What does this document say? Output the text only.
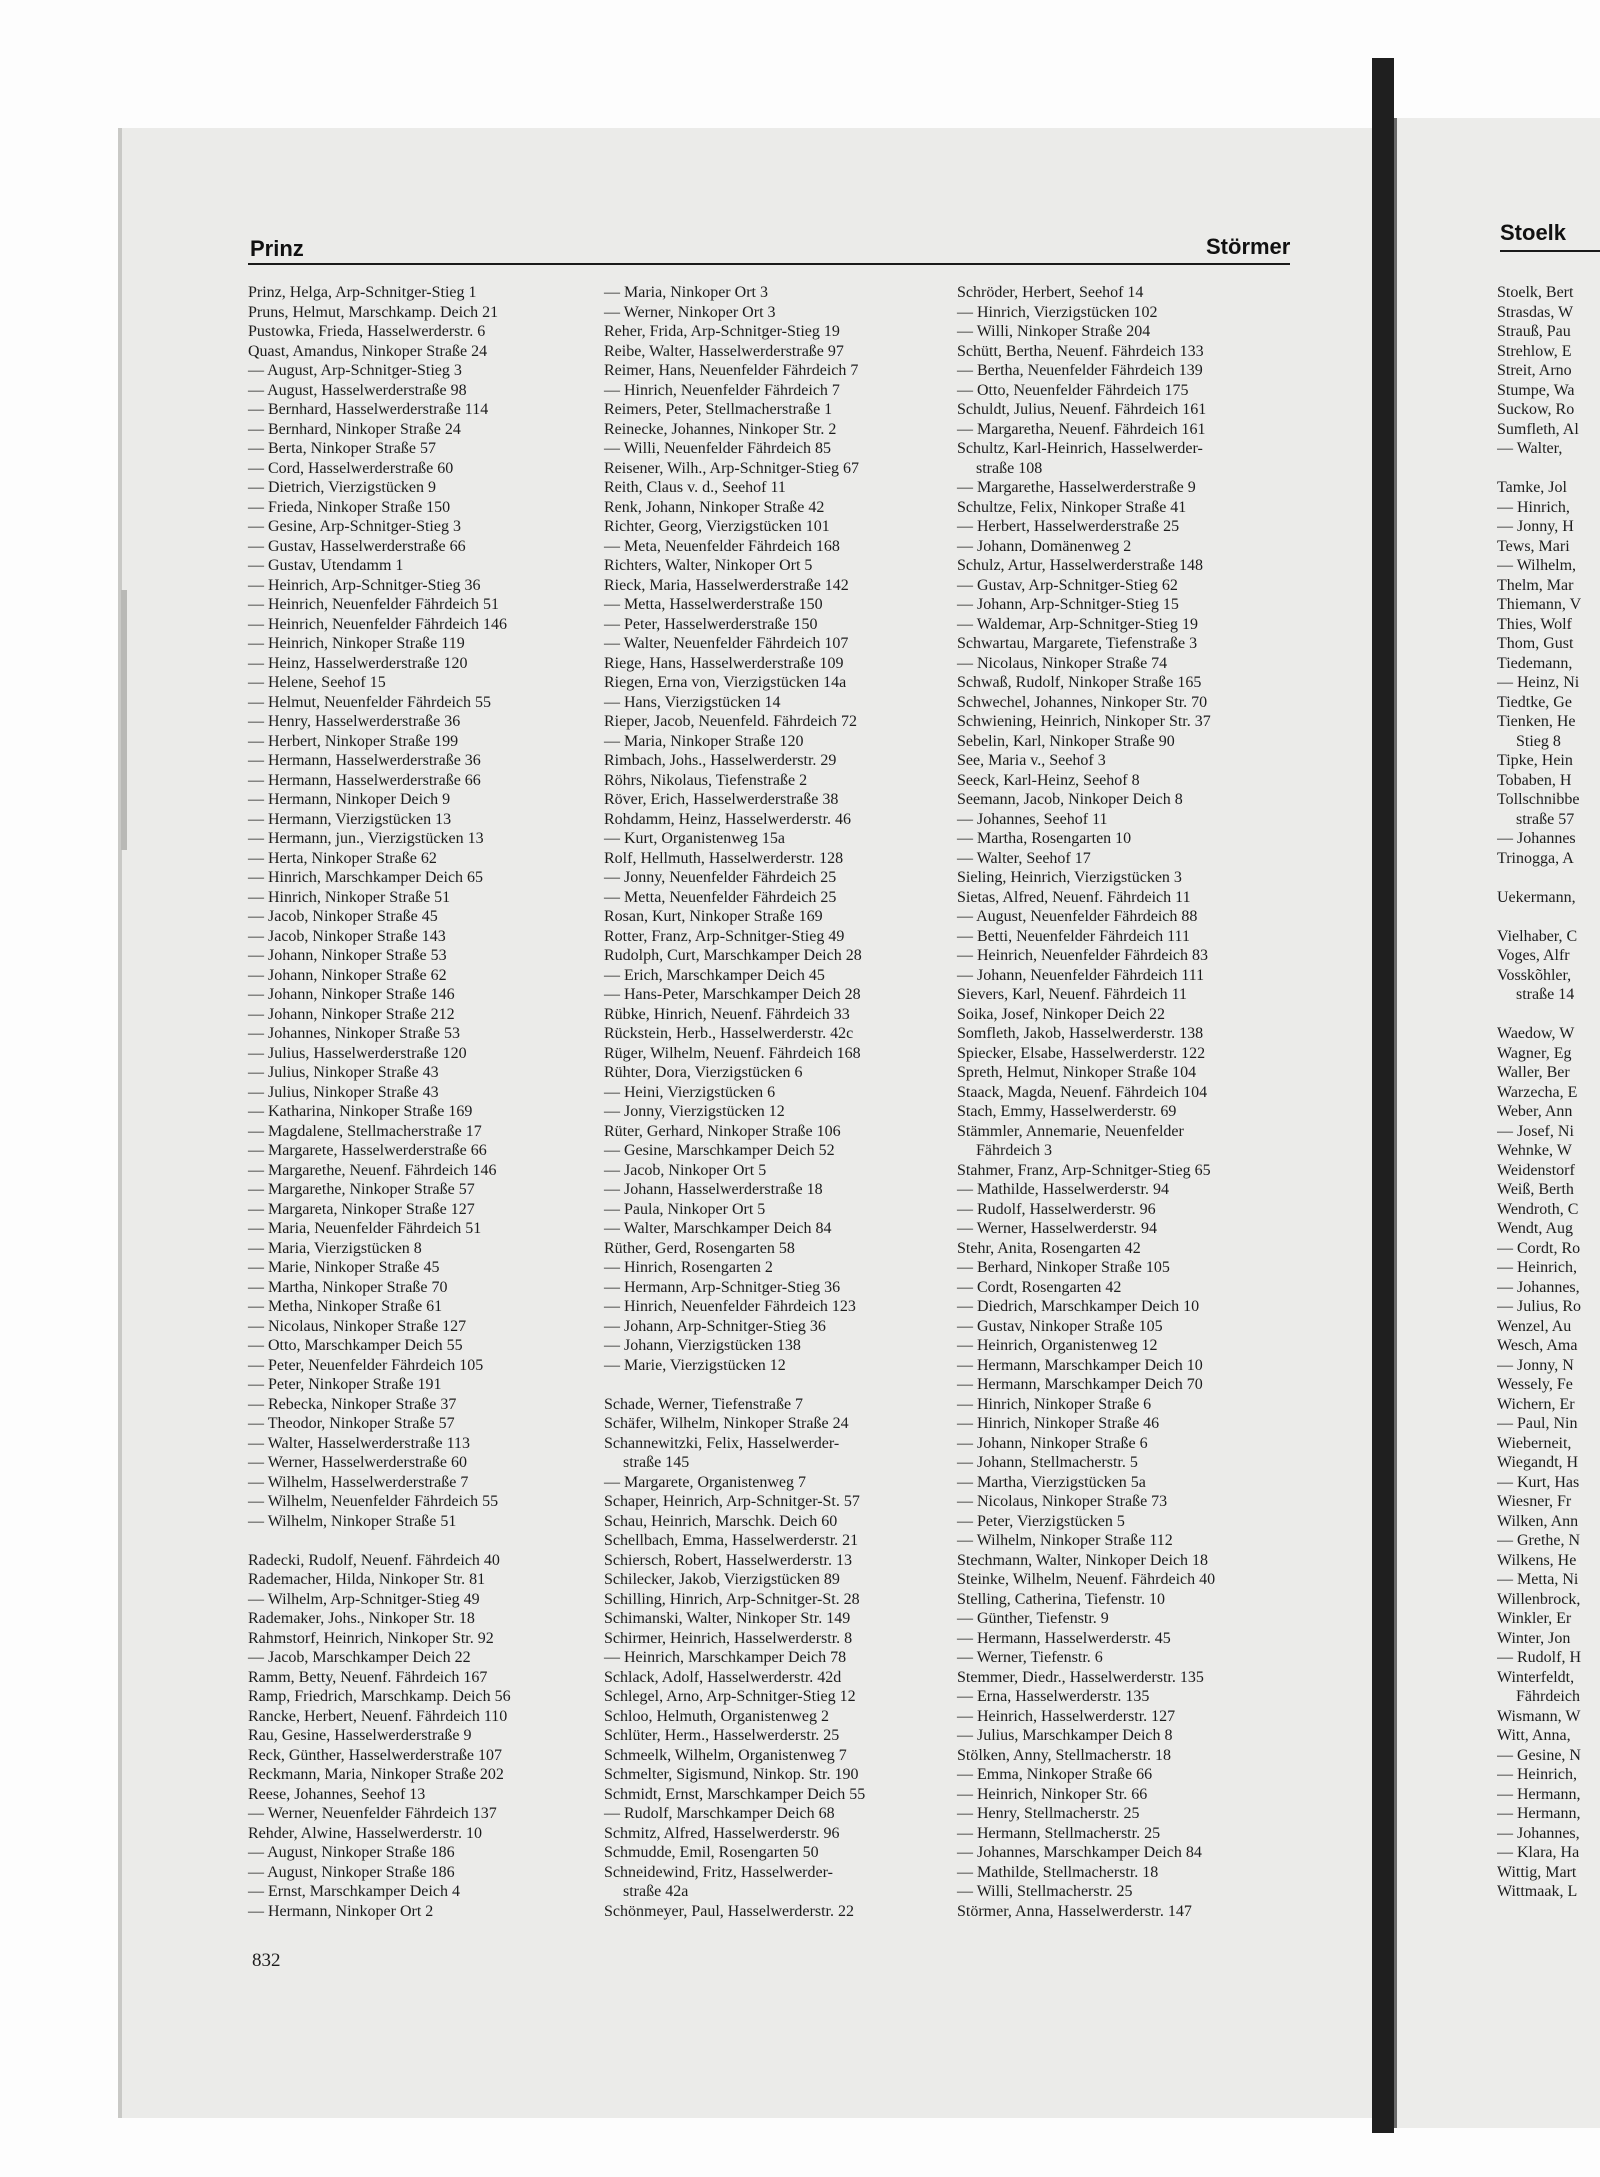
Prinz	Störmer
Stoelk
Prinz, Helga, Arp-Schnitger-Stieg 1
Pruns, Helmut, Marschkamp. Deich 21
Pustowka, Frieda, Hasselwerderstr. 6
Quast, Amandus, Ninkoper Straße 24
— August, Arp-Schnitger-Stieg 3
— August, Hasselwerderstraße 98
— Bernhard, Hasselwerderstraße 114
— Bernhard, Ninkoper Straße 24
— Berta, Ninkoper Straße 57
— Cord, Hasselwerderstraße 60
— Dietrich, Vierzigstücken 9
— Frieda, Ninkoper Straße 150
— Gesine, Arp-Schnitger-Stieg 3
— Gustav, Hasselwerderstraße 66
— Gustav, Utendamm 1
— Heinrich, Arp-Schnitger-Stieg 36
— Heinrich, Neuenfelder Fährdeich 51
— Heinrich, Neuenfelder Fährdeich 146
— Heinrich, Ninkoper Straße 119
— Heinz, Hasselwerderstraße 120
— Helene, Seehof 15
— Helmut, Neuenfelder Fährdeich 55
— Henry, Hasselwerderstraße 36
— Herbert, Ninkoper Straße 199
— Hermann, Hasselwerderstraße 36
— Hermann, Hasselwerderstraße 66
— Hermann, Ninkoper Deich 9
— Hermann, Vierzigstücken 13
— Hermann, jun., Vierzigstücken 13
— Herta, Ninkoper Straße 62
— Hinrich, Marschkamper Deich 65
— Hinrich, Ninkoper Straße 51
— Jacob, Ninkoper Straße 45
— Jacob, Ninkoper Straße 143
— Johann, Ninkoper Straße 53
— Johann, Ninkoper Straße 62
— Johann, Ninkoper Straße 146
— Johann, Ninkoper Straße 212
— Johannes, Ninkoper Straße 53
— Julius, Hasselwerderstraße 120
— Julius, Ninkoper Straße 43
— Julius, Ninkoper Straße 43
— Katharina, Ninkoper Straße 169
— Magdalene, Stellmacherstraße 17
— Margarete, Hasselwerderstraße 66
— Margarethe, Neuenf. Fährdeich 146
— Margarethe, Ninkoper Straße 57
— Margareta, Ninkoper Straße 127
— Maria, Neuenfelder Fährdeich 51
— Maria, Vierzigstücken 8
— Marie, Ninkoper Straße 45
— Martha, Ninkoper Straße 70
— Metha, Ninkoper Straße 61
— Nicolaus, Ninkoper Straße 127
— Otto, Marschkamper Deich 55
— Peter, Neuenfelder Fährdeich 105
— Peter, Ninkoper Straße 191
— Rebecka, Ninkoper Straße 37
— Theodor, Ninkoper Straße 57
— Walter, Hasselwerderstraße 113
— Werner, Hasselwerderstraße 60
— Wilhelm, Hasselwerderstraße 7
— Wilhelm, Neuenfelder Fährdeich 55
— Wilhelm, Ninkoper Straße 51
Radecki, Rudolf, Neuenf. Fährdeich 40
Rademacher, Hilda, Ninkoper Str. 81
— Wilhelm, Arp-Schnitger-Stieg 49
Rademaker, Johs., Ninkoper Str. 18
Rahmstorf, Heinrich, Ninkoper Str. 92
— Jacob, Marschkamper Deich 22
Ramm, Betty, Neuenf. Fährdeich 167
Ramp, Friedrich, Marschkamp. Deich 56
Rancke, Herbert, Neuenf. Fährdeich 110
Rau, Gesine, Hasselwerderstraße 9
Reck, Günther, Hasselwerderstraße 107
Reckmann, Maria, Ninkoper Straße 202
Reese, Johannes, Seehof 13
— Werner, Neuenfelder Fährdeich 137
Rehder, Alwine, Hasselwerderstr. 10
— August, Ninkoper Straße 186
— August, Ninkoper Straße 186
— Ernst, Marschkamper Deich 4
— Hermann, Ninkoper Ort 2
— Maria, Ninkoper Ort 3
— Werner, Ninkoper Ort 3
Reher, Frida, Arp-Schnitger-Stieg 19
Reibe, Walter, Hasselwerderstraße 97
Reimer, Hans, Neuenfelder Fährdeich 7
— Hinrich, Neuenfelder Fährdeich 7
Reimers, Peter, Stellmacherstraße 1
Reinecke, Johannes, Ninkoper Str. 2
— Willi, Neuenfelder Fährdeich 85
Reisener, Wilh., Arp-Schnitger-Stieg 67
Reith, Claus v. d., Seehof 11
Renk, Johann, Ninkoper Straße 42
Richter, Georg, Vierzigstücken 101
— Meta, Neuenfelder Fährdeich 168
Richters, Walter, Ninkoper Ort 5
Rieck, Maria, Hasselwerderstraße 142
— Metta, Hasselwerderstraße 150
— Peter, Hasselwerderstraße 150
— Walter, Neuenfelder Fährdeich 107
Riege, Hans, Hasselwerderstraße 109
Riegen, Erna von, Vierzigstücken 14a
— Hans, Vierzigstücken 14
Rieper, Jacob, Neuenfeld. Fährdeich 72
— Maria, Ninkoper Straße 120
Rimbach, Johs., Hasselwerderstr. 29
Röhrs, Nikolaus, Tiefenstraße 2
Röver, Erich, Hasselwerderstraße 38
Rohdamm, Heinz, Hasselwerderstr. 46
— Kurt, Organistenweg 15a
Rolf, Hellmuth, Hasselwerderstr. 128
— Jonny, Neuenfelder Fährdeich 25
— Metta, Neuenfelder Fährdeich 25
Rosan, Kurt, Ninkoper Straße 169
Rotter, Franz, Arp-Schnitger-Stieg 49
Rudolph, Curt, Marschkamper Deich 28
— Erich, Marschkamper Deich 45
— Hans-Peter, Marschkamper Deich 28
Rübke, Hinrich, Neuenf. Fährdeich 33
Rückstein, Herb., Hasselwerderstr. 42c
Rüger, Wilhelm, Neuenf. Fährdeich 168
Rühter, Dora, Vierzigstücken 6
— Heini, Vierzigstücken 6
— Jonny, Vierzigstücken 12
Rüter, Gerhard, Ninkoper Straße 106
— Gesine, Marschkamper Deich 52
— Jacob, Ninkoper Ort 5
— Johann, Hasselwerderstraße 18
— Paula, Ninkoper Ort 5
— Walter, Marschkamper Deich 84
Rüther, Gerd, Rosengarten 58
— Hinrich, Rosengarten 2
— Hermann, Arp-Schnitger-Stieg 36
— Hinrich, Neuenfelder Fährdeich 123
— Johann, Arp-Schnitger-Stieg 36
— Johann, Vierzigstücken 138
— Marie, Vierzigstücken 12
Schade, Werner, Tiefenstraße 7
Schäfer, Wilhelm, Ninkoper Straße 24
Schannewitzki, Felix, Hasselwerder-
straße 145
— Margarete, Organistenweg 7
Schaper, Heinrich, Arp-Schnitger-St. 57
Schau, Heinrich, Marschk. Deich 60
Schellbach, Emma, Hasselwerderstr. 21
Schiersch, Robert, Hasselwerderstr. 13
Schilecker, Jakob, Vierzigstücken 89
Schilling, Hinrich, Arp-Schnitger-St. 28
Schimanski, Walter, Ninkoper Str. 149
Schirmer, Heinrich, Hasselwerderstr. 8
— Heinrich, Marschkamper Deich 78
Schlack, Adolf, Hasselwerderstr. 42d
Schlegel, Arno, Arp-Schnitger-Stieg 12
Schloo, Helmuth, Organistenweg 2
Schlüter, Herm., Hasselwerderstr. 25
Schmeelk, Wilhelm, Organistenweg 7
Schmelter, Sigismund, Ninkop. Str. 190
Schmidt, Ernst, Marschkamper Deich 55
— Rudolf, Marschkamper Deich 68
Schmitz, Alfred, Hasselwerderstr. 96
Schmudde, Emil, Rosengarten 50
Schneidewind, Fritz, Hasselwerder-
straße 42a
Schönmeyer, Paul, Hasselwerderstr. 22
Schröder, Herbert, Seehof 14
— Hinrich, Vierzigstücken 102
— Willi, Ninkoper Straße 204
Schütt, Bertha, Neuenf. Fährdeich 133
— Bertha, Neuenfelder Fährdeich 139
— Otto, Neuenfelder Fährdeich 175
Schuldt, Julius, Neuenf. Fährdeich 161
— Margaretha, Neuenf. Fährdeich 161
Schultz, Karl-Heinrich, Hasselwerder-
straße 108
— Margarethe, Hasselwerderstraße 9
Schultze, Felix, Ninkoper Straße 41
— Herbert, Hasselwerderstraße 25
— Johann, Domänenweg 2
Schulz, Artur, Hasselwerderstraße 148
— Gustav, Arp-Schnitger-Stieg 62
— Johann, Arp-Schnitger-Stieg 15
— Waldemar, Arp-Schnitger-Stieg 19
Schwartau, Margarete, Tiefenstraße 3
— Nicolaus, Ninkoper Straße 74
Schwaß, Rudolf, Ninkoper Straße 165
Schwechel, Johannes, Ninkoper Str. 70
Schwiening, Heinrich, Ninkoper Str. 37
Sebelin, Karl, Ninkoper Straße 90
See, Maria v., Seehof 3
Seeck, Karl-Heinz, Seehof 8
Seemann, Jacob, Ninkoper Deich 8
— Johannes, Seehof 11
— Martha, Rosengarten 10
— Walter, Seehof 17
Sieling, Heinrich, Vierzigstücken 3
Sietas, Alfred, Neuenf. Fährdeich 11
— August, Neuenfelder Fährdeich 88
— Betti, Neuenfelder Fährdeich 111
— Heinrich, Neuenfelder Fährdeich 83
— Johann, Neuenfelder Fährdeich 111
Sievers, Karl, Neuenf. Fährdeich 11
Soika, Josef, Ninkoper Deich 22
Somfleth, Jakob, Hasselwerderstr. 138
Spiecker, Elsabe, Hasselwerderstr. 122
Spreth, Helmut, Ninkoper Straße 104
Staack, Magda, Neuenf. Fährdeich 104
Stach, Emmy, Hasselwerderstr. 69
Stämmler, Annemarie, Neuenfelder
Fährdeich 3
Stahmer, Franz, Arp-Schnitger-Stieg 65
— Mathilde, Hasselwerderstr. 94
— Rudolf, Hasselwerderstr. 96
— Werner, Hasselwerderstr. 94
Stehr, Anita, Rosengarten 42
— Berhard, Ninkoper Straße 105
— Cordt, Rosengarten 42
— Diedrich, Marschkamper Deich 10
— Gustav, Ninkoper Straße 105
— Heinrich, Organistenweg 12
— Hermann, Marschkamper Deich 10
— Hermann, Marschkamper Deich 70
— Hinrich, Ninkoper Straße 6
— Hinrich, Ninkoper Straße 46
— Johann, Ninkoper Straße 6
— Johann, Stellmacherstr. 5
— Martha, Vierzigstücken 5a
— Nicolaus, Ninkoper Straße 73
— Peter, Vierzigstücken 5
— Wilhelm, Ninkoper Straße 112
Stechmann, Walter, Ninkoper Deich 18
Steinke, Wilhelm, Neuenf. Fährdeich 40
Stelling, Catherina, Tiefenstr. 10
— Günther, Tiefenstr. 9
— Hermann, Hasselwerderstr. 45
— Werner, Tiefenstr. 6
Stemmer, Diedr., Hasselwerderstr. 135
— Erna, Hasselwerderstr. 135
— Heinrich, Hasselwerderstr. 127
— Julius, Marschkamper Deich 8
Stölken, Anny, Stellmacherstr. 18
— Emma, Ninkoper Straße 66
— Heinrich, Ninkoper Str. 66
— Henry, Stellmacherstr. 25
— Hermann, Stellmacherstr. 25
— Johannes, Marschkamper Deich 84
— Mathilde, Stellmacherstr. 18
— Willi, Stellmacherstr. 25
Störmer, Anna, Hasselwerderstr. 147
Stoelk, Bert
Strasdas, W
Strauß, Pau
Strehlow, E
Streit, Arno
Stumpe, Wa
Suckow, Ro
Sumfleth, Al
— Walter,
Tamke, Jol
— Hinrich,
— Jonny, H
Tews, Mari
— Wilhelm,
Thelm, Mar
Thiemann, V
Thies, Wolf
Thom, Gust
Tiedemann,
— Heinz, Ni
Tiedtke, Ge
Tienken, He
Stieg 8
Tipke, Hein
Tobaben, H
Tollschnibbe
straße 57
— Johannes
Trinogga, A
Uekermann,
Vielhaber, C
Voges, Alfr
Vosskõhler,
straße 14
Waedow, W
Wagner, Eg
Waller, Ber
Warzecha, E
Weber, Ann
— Josef, Ni
Wehnke, W
Weidenstorf
Weiß, Berth
Wendroth, C
Wendt, Aug
— Cordt, Ro
— Heinrich,
— Johannes,
— Julius, Ro
Wenzel, Au
Wesch, Ama
— Jonny, N
Wessely, Fe
Wichern, Er
— Paul, Nin
Wieberneit,
Wiegandt, H
— Kurt, Has
Wiesner, Fr
Wilken, Ann
— Grethe, N
Wilkens, He
— Metta, Ni
Willenbrock,
Winkler, Er
Winter, Jon
— Rudolf, H
Winterfeldt,
Fährdeich
Wismann, W
Witt, Anna,
— Gesine, N
— Heinrich,
— Hermann,
— Hermann,
— Johannes,
— Klara, Ha
Wittig, Mart
Wittmaak, L
832
